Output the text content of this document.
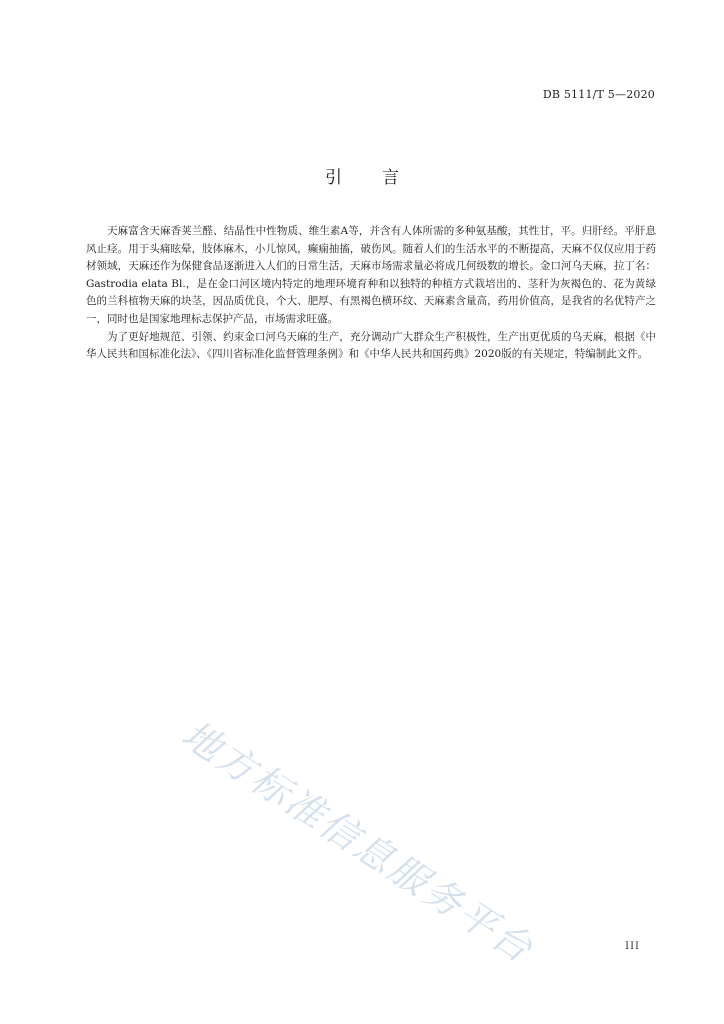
DB 5111/T 5—2020
引言

天麻富含天麻香荚兰醛、结晶性中性物质、维生素A等，并含有人体所需的多种氨基酸，其性甘，平。归肝经。平肝息风止痉。用于头痛眩晕，肢体麻木，小儿惊风，癫痫抽搐，破伤风。随着人们的生活水平的不断提高，天麻不仅仅应用于药材领域，天麻还作为保健食品逐渐进入人们的日常生活，天麻市场需求量必将成几何级数的增长。金口河乌天麻，拉丁名：Gastrodia elata Bl.，是在金口河区境内特定的地理环境育种和以独特的种植方式栽培出的、茎秆为灰褐色的、花为黄绿色的兰科植物天麻的块茎，因品质优良，个大、肥厚、有黑褐色横环纹、天麻素含量高，药用价值高，是我省的名优特产之一，同时也是国家地理标志保护产品，市场需求旺盛。

为了更好地规范、引领、约束金口河乌天麻的生产，充分调动广大群众生产积极性，生产出更优质的乌天麻，根据《中华人民共和国标准化法》、《四川省标准化监督管理条例》和《中华人民共和国药典》2020版的有关规定，特编制此文件。

地方标准信息服务平台	III
